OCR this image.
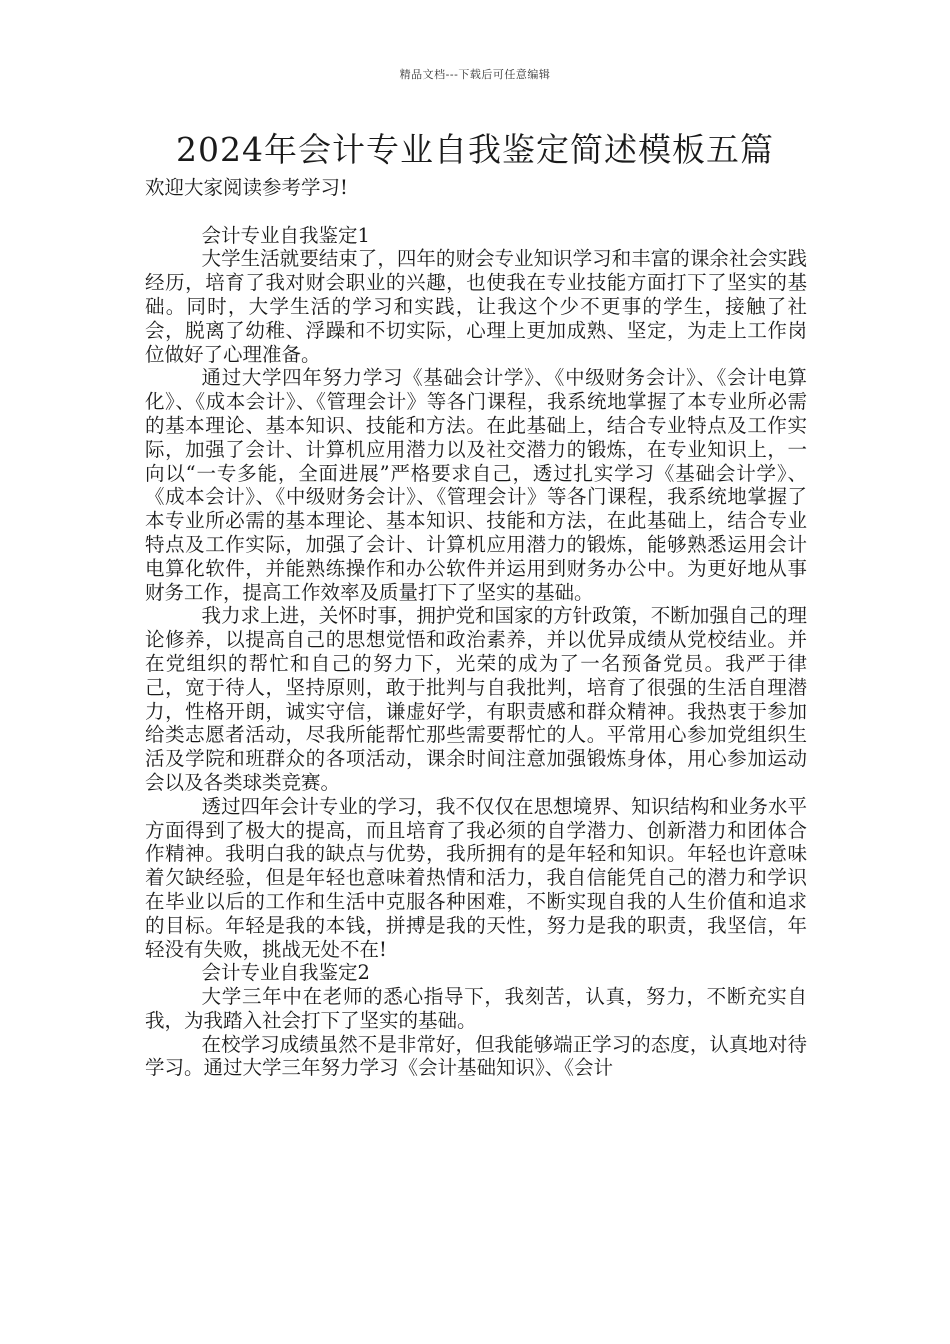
精品文档---下载后可任意编辑
2024年会计专业自我鉴定简述模板五篇

欢迎大家阅读参考学习!

会计专业自我鉴定1

大学生活就要结束了，四年的财会专业知识学习和丰富的课余社会实践经历，培育了我对财会职业的兴趣，也使我在专业技能方面打下了坚实的基础。同时，大学生活的学习和实践，让我这个少不更事的学生，接触了社会，脱离了幼稚、浮躁和不切实际，心理上更加成熟、坚定，为走上工作岗位做好了心理准备。

通过大学四年努力学习《基础会计学》、《中级财务会计》、《会计电算化》、《成本会计》、《管理会计》等各门课程，我系统地掌握了本专业所必需的基本理论、基本知识、技能和方法。在此基础上，结合专业特点及工作实际，加强了会计、计算机应用潜力以及社交潜力的锻炼，在专业知识上，一向以“一专多能，全面进展”严格要求自己，透过扎实学习《基础会计学》、《成本会计》、《中级财务会计》、《管理会计》等各门课程，我系统地掌握了本专业所必需的基本理论、基本知识、技能和方法，在此基础上，结合专业特点及工作实际，加强了会计、计算机应用潜力的锻炼，能够熟悉运用会计电算化软件，并能熟练操作和办公软件并运用到财务办公中。为更好地从事财务工作，提高工作效率及质量打下了坚实的基础。

我力求上进，关怀时事，拥护党和国家的方针政策，不断加强自己的理论修养，以提高自己的思想觉悟和政治素养，并以优异成绩从党校结业。并在党组织的帮忙和自己的努力下，光荣的成为了一名预备党员。我严于律己，宽于待人，坚持原则，敢于批判与自我批判，培育了很强的生活自理潜力，性格开朗，诚实守信，谦虚好学，有职责感和群众精神。我热衷于参加给类志愿者活动，尽我所能帮忙那些需要帮忙的人。平常用心参加党组织生活及学院和班群众的各项活动，课余时间注意加强锻炼身体，用心参加运动会以及各类球类竞赛。

透过四年会计专业的学习，我不仅仅在思想境界、知识结构和业务水平方面得到了极大的提高，而且培育了我必须的自学潜力、创新潜力和团体合作精神。我明白我的缺点与优势，我所拥有的是年轻和知识。年轻也许意味着欠缺经验，但是年轻也意味着热情和活力，我自信能凭自己的潜力和学识在毕业以后的工作和生活中克服各种困难，不断实现自我的人生价值和追求的目标。年轻是我的本钱，拼搏是我的天性，努力是我的职责，我坚信，年轻没有失败，挑战无处不在!

会计专业自我鉴定2

大学三年中在老师的悉心指导下，我刻苦，认真，努力，不断充实自我，为我踏入社会打下了坚实的基础。

在校学习成绩虽然不是非常好，但我能够端正学习的态度，认真地对待学习。通过大学三年努力学习《会计基础知识》、《会计
